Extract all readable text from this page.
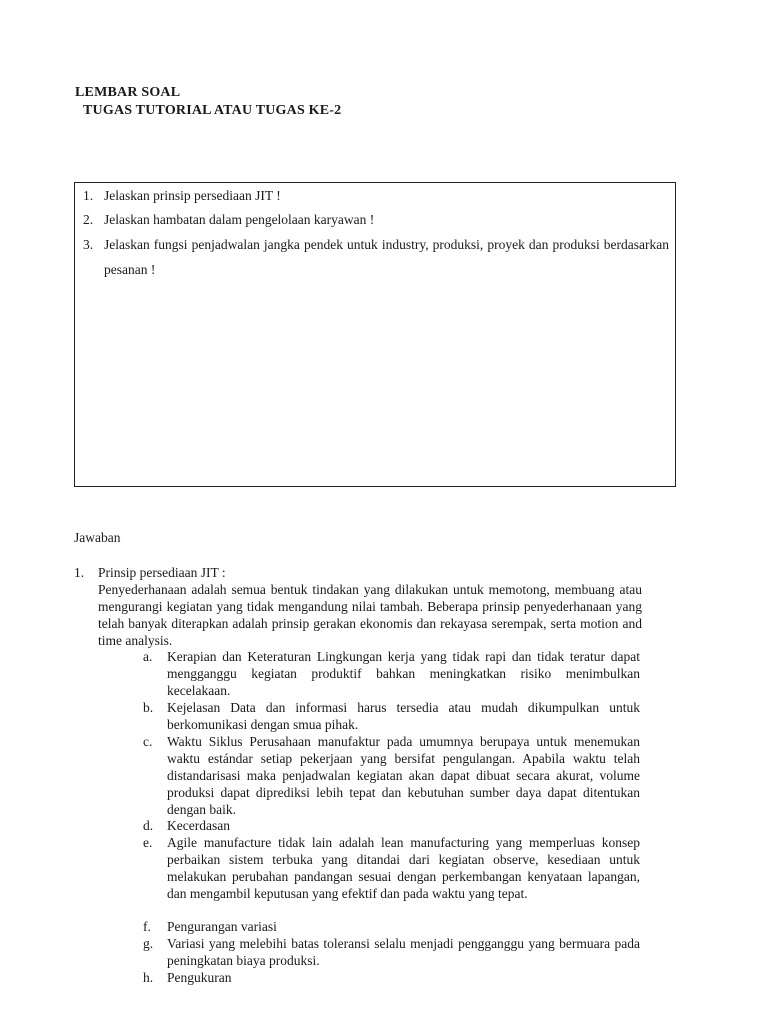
LEMBAR SOAL
TUGAS TUTORIAL ATAU TUGAS KE-2
1. Jelaskan prinsip persediaan JIT !
2. Jelaskan hambatan dalam pengelolaan karyawan !
3. Jelaskan fungsi penjadwalan jangka pendek untuk industry, produksi, proyek dan produksi berdasarkan pesanan !

Jawaban

1. Prinsip persediaan JIT :
Penyederhanaan adalah semua bentuk tindakan yang dilakukan untuk memotong, membuang atau mengurangi kegiatan yang tidak mengandung nilai tambah. Beberapa prinsip penyederhanaan yang telah banyak diterapkan adalah prinsip gerakan ekonomis dan rekayasa serempak, serta motion and time analysis.
a. Kerapian dan Keteraturan Lingkungan kerja yang tidak rapi dan tidak teratur dapat mengganggu kegiatan produktif bahkan meningkatkan risiko menimbulkan kecelakaan.
b. Kejelasan Data dan informasi harus tersedia atau mudah dikumpulkan untuk berkomunikasi dengan smua pihak.
c. Waktu Siklus Perusahaan manufaktur pada umumnya berupaya untuk menemukan waktu estándar setiap pekerjaan yang bersifat pengulangan. Apabila waktu telah distandarisasi maka penjadwalan kegiatan akan dapat dibuat secara akurat, volume produksi dapat diprediksi lebih tepat dan kebutuhan sumber daya dapat ditentukan dengan baik.
d. Kecerdasan
e. Agile manufacture tidak lain adalah lean manufacturing yang memperluas konsep perbaikan sistem terbuka yang ditandai dari kegiatan observe, kesediaan untuk melakukan perubahan pandangan sesuai dengan perkembangan kenyataan lapangan, dan mengambil keputusan yang efektif dan pada waktu yang tepat.
f. Pengurangan variasi
g. Variasi yang melebihi batas toleransi selalu menjadi pengganggu yang bermuara pada peningkatan biaya produksi.
h. Pengukuran
